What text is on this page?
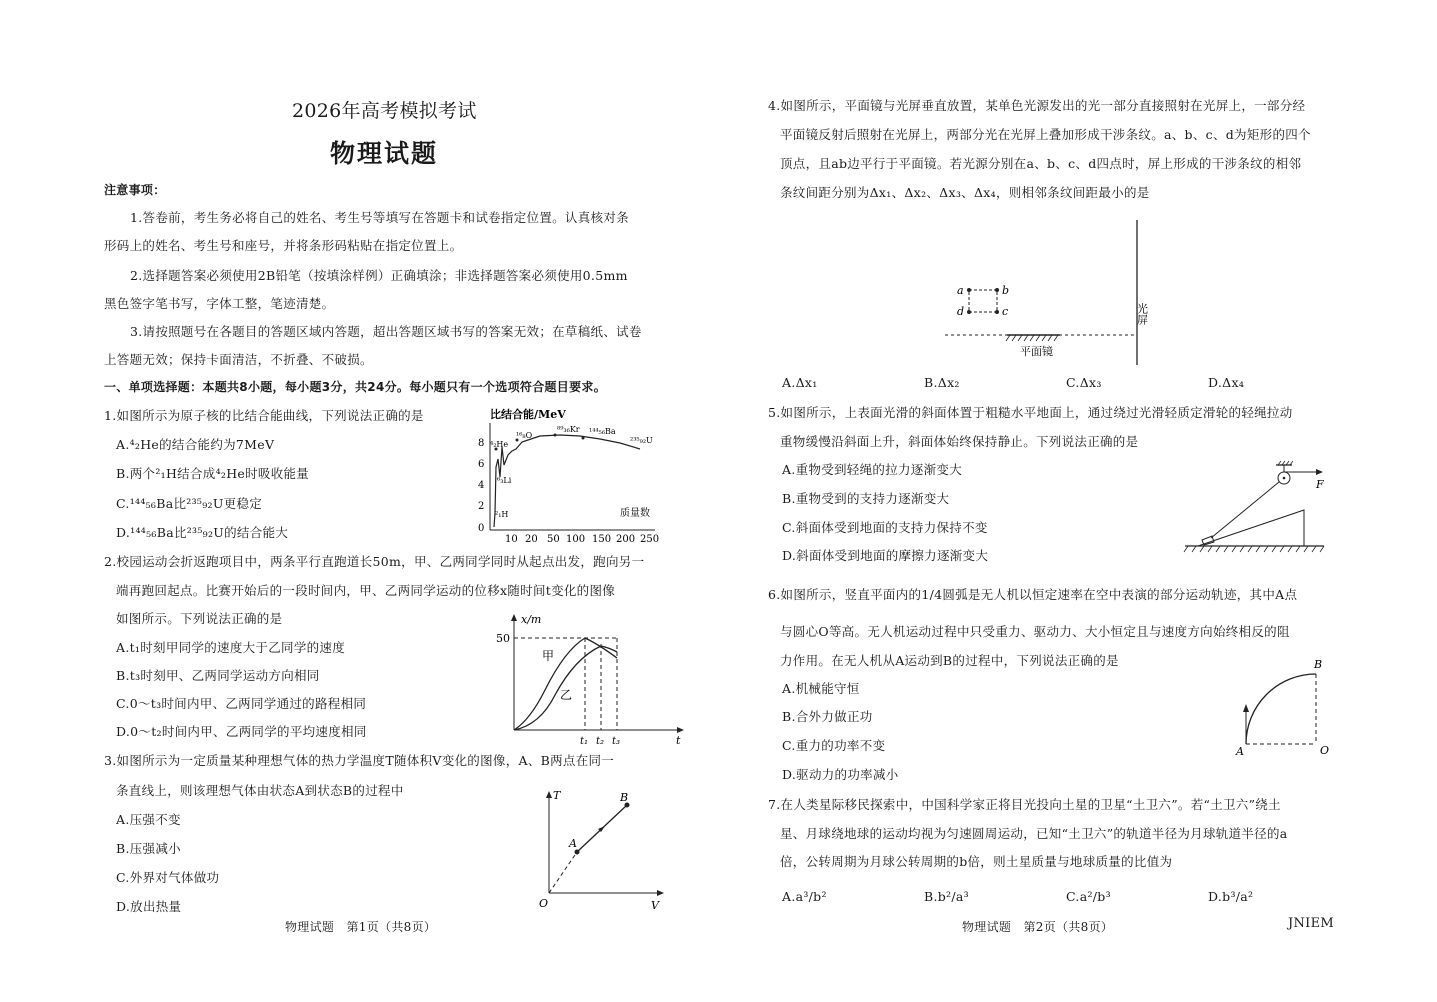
2026年高考模拟考试
物理试题
注意事项：
1.答卷前，考生务必将自己的姓名、考生号等填写在答题卡和试卷指定位置。认真核对条
形码上的姓名、考生号和座号，并将条形码粘贴在指定位置上。
2.选择题答案必须使用2B铅笔（按填涂样例）正确填涂；非选择题答案必须使用0.5mm
黑色签字笔书写，字体工整，笔迹清楚。
3.请按照题号在各题目的答题区域内答题，超出答题区域书写的答案无效；在草稿纸、试卷
上答题无效；保持卡面清洁，不折叠、不破损。
一、单项选择题：本题共8小题，每小题3分，共24分。每小题只有一个选项符合题目要求。
1.如图所示为原子核的比结合能曲线，下列说法正确的是
A.⁴₂He的结合能约为7MeV
B.两个²₁H结合成⁴₂He时吸收能量
C.¹⁴⁴₅₆Ba比²³⁵₉₂U更稳定
D.¹⁴⁴₅₆Ba比²³⁵₉₂U的结合能大
比结合能/MeV
8
6
4
2
0
⁴₂He
¹⁶₈O
⁸⁹₃₆Kr ¹⁴⁴₅₆Ba
²³⁵₉₂U
⁶₃Li
²₁H	质量数
10 20 50 100 150 200 250
2.校园运动会折返跑项目中，两条平行直跑道长50m，甲、乙两同学同时从起点出发，跑向另一
端再跑回起点。比赛开始后的一段时间内，甲、乙两同学运动的位移x随时间t变化的图像
如图所示。下列说法正确的是
A.t₁时刻甲同学的速度大于乙同学的速度
B.t₃时刻甲、乙两同学运动方向相同
C.0～t₃时间内甲、乙两同学通过的路程相同
D.0～t₂时间内甲、乙两同学的平均速度相同
x/m
50
甲
乙
t₁ t₂ t₃	t
3.如图所示为一定质量某种理想气体的热力学温度T随体积V变化的图像，A、B两点在同一
条直线上，则该理想气体由状态A到状态B的过程中
A.压强不变
B.压强减小
C.外界对气体做功
D.放出热量
T
O	V
A
B
物理试题　第1页（共8页）
4.如图所示，平面镜与光屏垂直放置，某单色光源发出的光一部分直接照射在光屏上，一部分经
平面镜反射后照射在光屏上，两部分光在光屏上叠加形成干涉条纹。a、b、c、d为矩形的四个
顶点，且ab边平行于平面镜。若光源分别在a、b、c、d四点时，屏上形成的干涉条纹的相邻
条纹间距分别为Δx₁、Δx₂、Δx₃、Δx₄，则相邻条纹间距最小的是
a	b
c
d
平面镜
光屏
A.Δx₁	B.Δx₂	C.Δx₃	D.Δx₄
5.如图所示，上表面光滑的斜面体置于粗糙水平地面上，通过绕过光滑轻质定滑轮的轻绳拉动
重物缓慢沿斜面上升，斜面体始终保持静止。下列说法正确的是
A.重物受到轻绳的拉力逐渐变大
B.重物受到的支持力逐渐变大
C.斜面体受到地面的支持力保持不变
D.斜面体受到地面的摩擦力逐渐变大
F
6.如图所示，竖直平面内的1/4圆弧是无人机以恒定速率在空中表演的部分运动轨迹，其中A点
与圆心O等高。无人机运动过程中只受重力、驱动力、大小恒定且与速度方向始终相反的阻
力作用。在无人机从A运动到B的过程中，下列说法正确的是
A.机械能守恒
B.合外力做正功
C.重力的功率不变
D.驱动力的功率减小
A
B
O
7.在人类星际移民探索中，中国科学家正将目光投向土星的卫星“土卫六”。若“土卫六”绕土
星、月球绕地球的运动均视为匀速圆周运动，已知“土卫六”的轨道半径为月球轨道半径的a
倍，公转周期为月球公转周期的b倍，则土星质量与地球质量的比值为
A.a³/b²	B.b²/a³	C.a²/b³	D.b³/a²
物理试题　第2页（共8页）	JNIEM
